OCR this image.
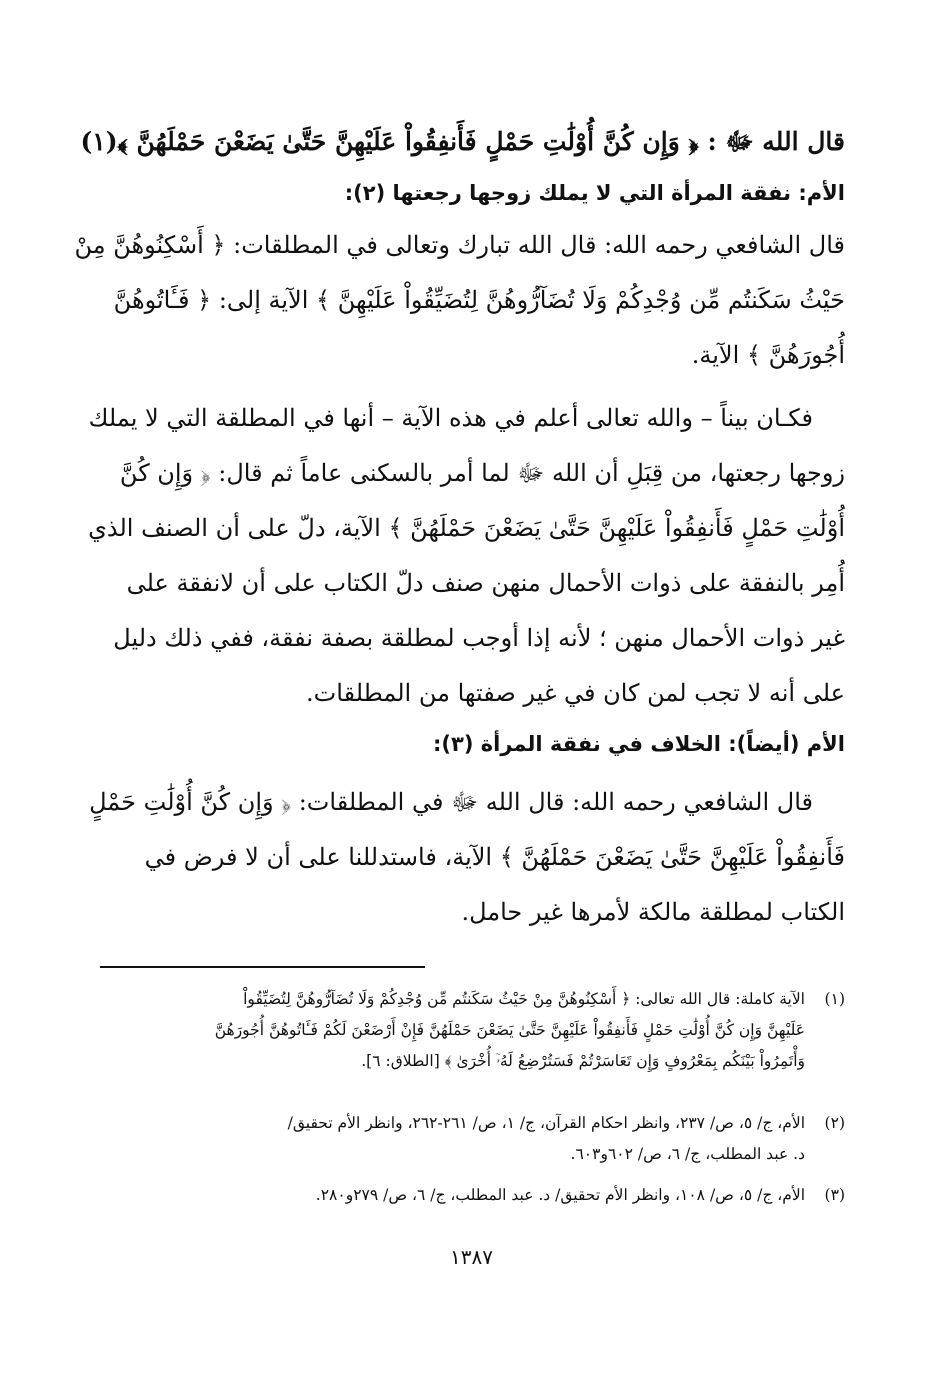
قال الله ﷻ : ﴿ وَإِن كُنَّ أُوْلَٰتِ حَمْلٍ فَأَنفِقُواْ عَلَيْهِنَّ حَتَّىٰ يَضَعْنَ حَمْلَهُنَّ ﴾(١)
الأم: نفقة المرأة التي لا يملك زوجها رجعتها (٢):
قال الشافعي رحمه الله: قال الله تبارك وتعالى في المطلقات: ﴿ أَسْكِنُوهُنَّ مِنْ
حَيْثُ سَكَنتُم مِّن وُجْدِكُمْ وَلَا تُضَآرُّوهُنَّ لِتُضَيِّقُواْ عَلَيْهِنَّ ﴾ الآية إلى: ﴿ فَـَٔاتُوهُنَّ
أُجُورَهُنَّ ﴾ الآية.
فكـان بيناً – والله تعالى أعلم في هذه الآية – أنها في المطلقة التي لا يملك
زوجها رجعتها، من قِبَلِ أن الله ﷻ لما أمر بالسكنى عاماً ثم قال: ﴿ وَإِن كُنَّ
أُوْلَٰتِ حَمْلٍ فَأَنفِقُواْ عَلَيْهِنَّ حَتَّىٰ يَضَعْنَ حَمْلَهُنَّ ﴾ الآية، دلّ على أن الصنف الذي
أُمِر بالنفقة على ذوات الأحمال منهن صنف دلّ الكتاب على أن لانفقة على
غير ذوات الأحمال منهن ؛ لأنه إذا أوجب لمطلقة بصفة نفقة، ففي ذلك دليل
على أنه لا تجب لمن كان في غير صفتها من المطلقات.
الأم (أيضاً): الخلاف في نفقة المرأة (٣):
قال الشافعي رحمه الله: قال الله ﷻ في المطلقات: ﴿ وَإِن كُنَّ أُوْلَٰتِ حَمْلٍ
فَأَنفِقُواْ عَلَيْهِنَّ حَتَّىٰ يَضَعْنَ حَمْلَهُنَّ ﴾ الآية، فاستدللنا على أن لا فرض في
الكتاب لمطلقة مالكة لأمرها غير حامل.
(١)الآية كاملة: قال الله تعالى: ﴿ أَسْكِنُوهُنَّ مِنْ حَيْثُ سَكَنتُم مِّن وُجْدِكُمْ وَلَا تُضَآرُّوهُنَّ لِتُضَيِّقُواْ
عَلَيْهِنَّ وَإِن كُنَّ أُوْلَٰتِ حَمْلٍ فَأَنفِقُواْ عَلَيْهِنَّ حَتَّىٰ يَضَعْنَ حَمْلَهُنَّ فَإِنْ أَرْضَعْنَ لَكُمْ فَـَٔاتُوهُنَّ أُجُورَهُنَّ
وَأْتَمِرُواْ بَيْنَكُم بِمَعْرُوفٍ وَإِن تَعَاسَرْتُمْ فَسَتُرْضِعُ لَهُۥٓ أُخْرَىٰ ﴾ [الطلاق: ٦].
(٢)الأم، ج/ ٥، ص/ ٢٣٧، وانظر احكام القرآن، ج/ ١، ص/ ٢٦١-٢٦٢، وانظر الأم تحقيق/
د. عبد المطلب، ج/ ٦، ص/ ٦٠٢و٦٠٣.
(٣)الأم، ج/ ٥، ص/ ١٠٨، وانظر الأم تحقيق/ د. عبد المطلب، ج/ ٦، ص/ ٢٧٩و٢٨٠.
١٣٨٧
